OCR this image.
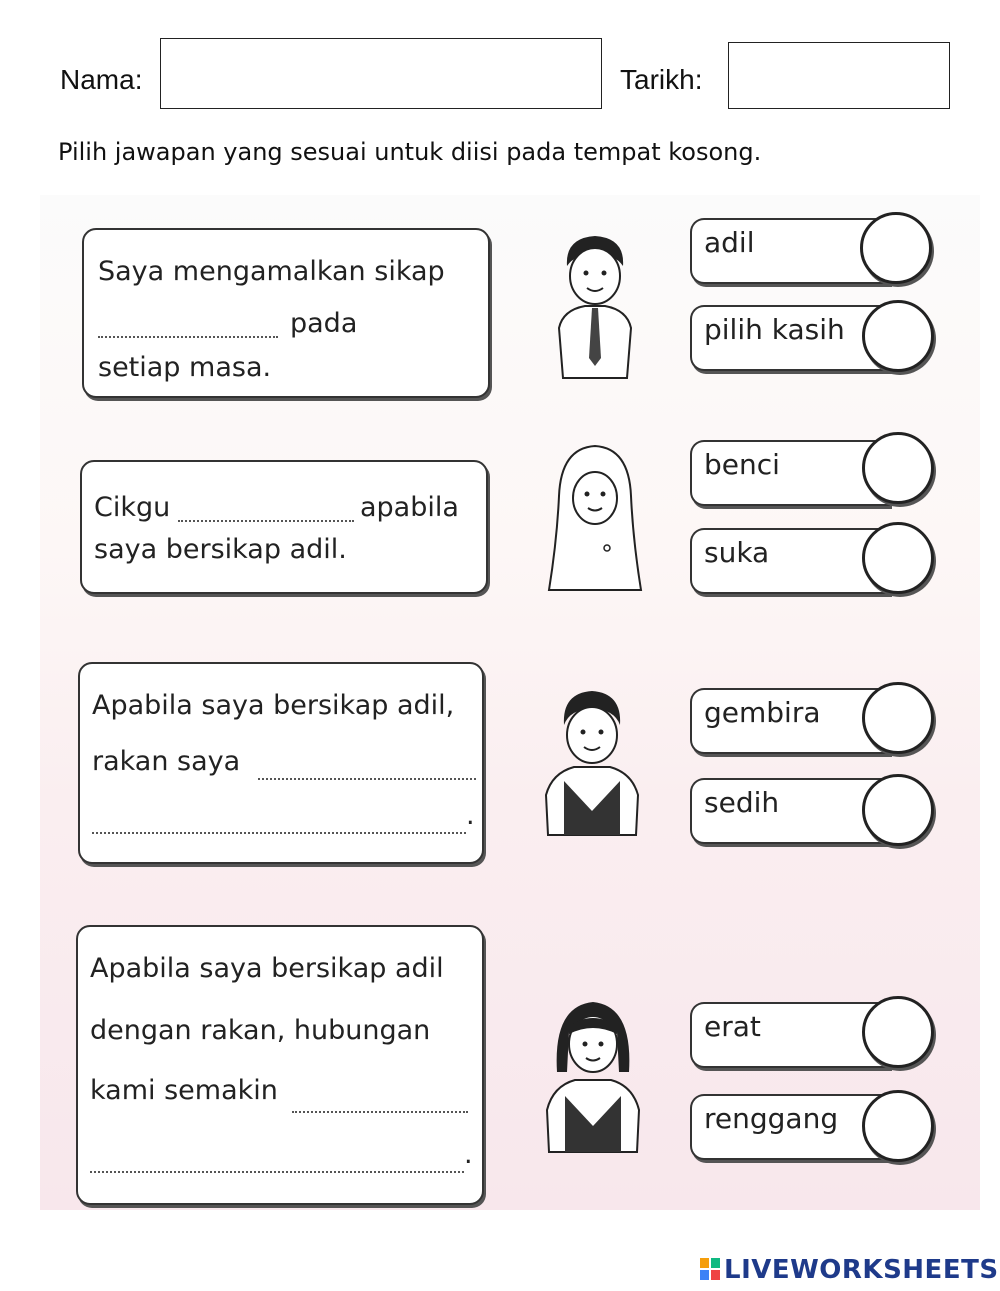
Nama:	Tarikh:
Pilih jawapan yang sesuai untuk diisi pada tempat kosong.
Saya mengamalkan sikap
pada
setiap masa.
Cikgu	apabila
saya bersikap adil.
Apabila saya bersikap adil,
rakan saya
.
Apabila saya bersikap adil
dengan rakan, hubungan
kami semakin
.
adil
pilih kasih
benci
suka
gembira
sedih
erat
renggang
LIVEWORKSHEETS
